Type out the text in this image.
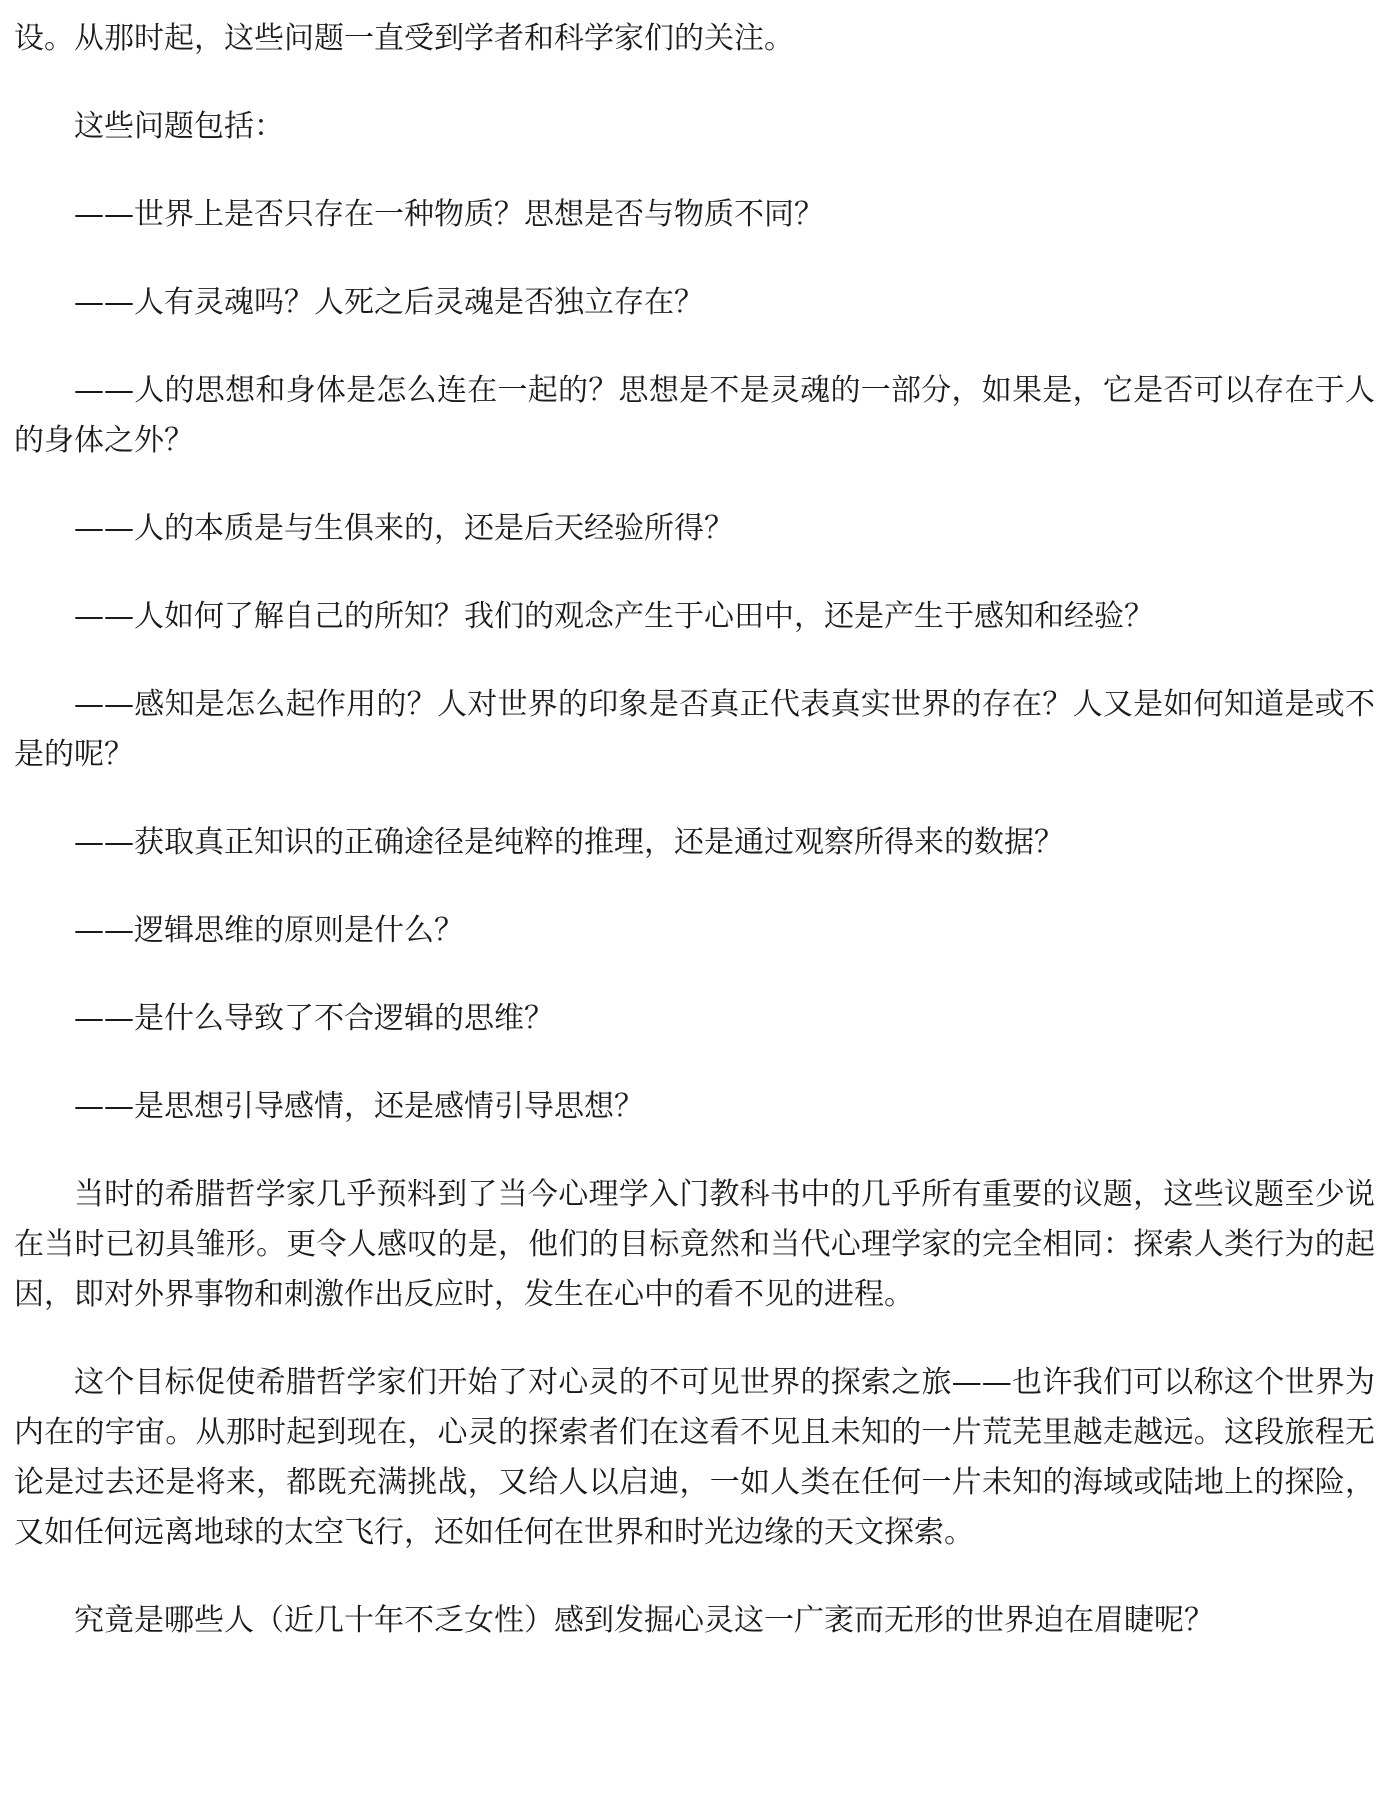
设。从那时起，这些问题一直受到学者和科学家们的关注。

这些问题包括：

——世界上是否只存在一种物质？思想是否与物质不同？

——人有灵魂吗？人死之后灵魂是否独立存在？

——人的思想和身体是怎么连在一起的？思想是不是灵魂的一部分，如果是，它是否可以存在于人的身体之外？

——人的本质是与生俱来的，还是后天经验所得？

——人如何了解自己的所知？我们的观念产生于心田中，还是产生于感知和经验？

——感知是怎么起作用的？人对世界的印象是否真正代表真实世界的存在？人又是如何知道是或不是的呢？

——获取真正知识的正确途径是纯粹的推理，还是通过观察所得来的数据？

——逻辑思维的原则是什么？

——是什么导致了不合逻辑的思维？

——是思想引导感情，还是感情引导思想？

当时的希腊哲学家几乎预料到了当今心理学入门教科书中的几乎所有重要的议题，这些议题至少说在当时已初具雏形。更令人感叹的是，他们的目标竟然和当代心理学家的完全相同：探索人类行为的起因，即对外界事物和刺激作出反应时，发生在心中的看不见的进程。

这个目标促使希腊哲学家们开始了对心灵的不可见世界的探索之旅——也许我们可以称这个世界为内在的宇宙。从那时起到现在，心灵的探索者们在这看不见且未知的一片荒芜里越走越远。这段旅程无论是过去还是将来，都既充满挑战，又给人以启迪，一如人类在任何一片未知的海域或陆地上的探险，又如任何远离地球的太空飞行，还如任何在世界和时光边缘的天文探索。

究竟是哪些人（近几十年不乏女性）感到发掘心灵这一广袤而无形的世界迫在眉睫呢？
